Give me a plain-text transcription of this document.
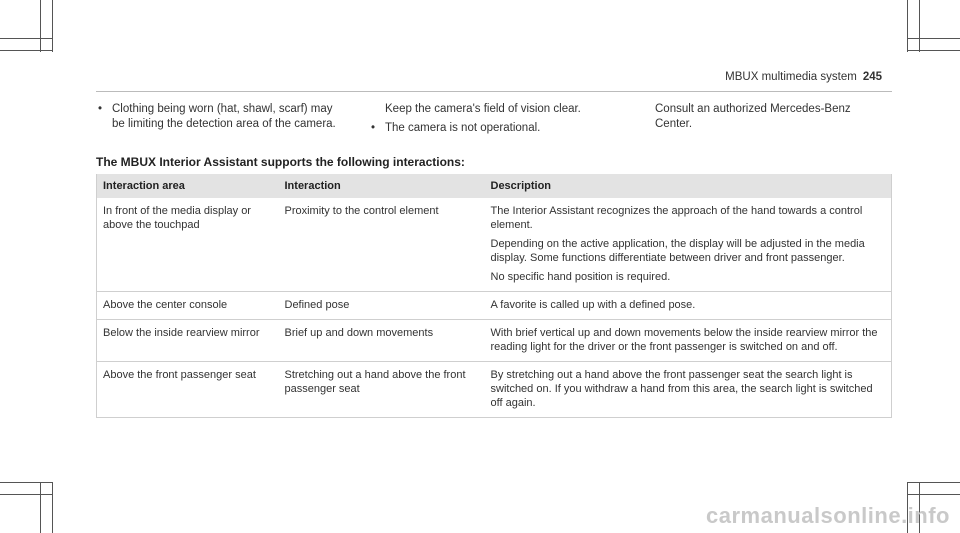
MBUX multimedia system 245
• Clothing being worn (hat, shawl, scarf) may be limiting the detection area of the camera.
Keep the camera's field of vision clear.
• The camera is not operational.
Consult an authorized Mercedes-Benz Center.
The MBUX Interior Assistant supports the following interactions:
Interaction area	Interaction	Description
In front of the media display or above the touchpad	Proximity to the control element	The Interior Assistant recognizes the approach of the hand towards a control element.

Depending on the active application, the display will be adjusted in the media display. Some functions differentiate between driver and front passenger.

No specific hand position is required.

Above the center console	Defined pose	A favorite is called up with a defined pose.

Below the inside rearview mirror	Brief up and down movements	With brief vertical up and down movements below the inside rearview mirror the reading light for the driver or the front passenger is switched on and off.

Above the front passenger seat	Stretching out a hand above the front passenger seat	By stretching out a hand above the front passenger seat the search light is switched on. If you withdraw a hand from this area, the search light is switched off again.

carmanualsonline.info
